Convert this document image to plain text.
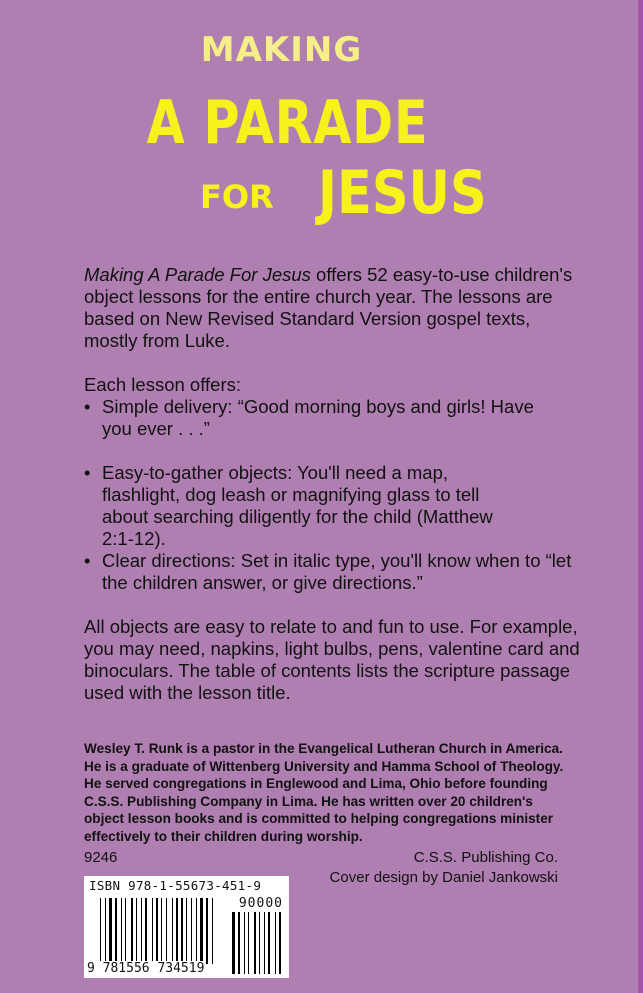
MAKING
A PARADE
FOR JESUS

Making A Parade For Jesus offers 52 easy-to-use children's object lessons for the entire church year. The lessons are based on New Revised Standard Version gospel texts, mostly from Luke.

Each lesson offers:
• Simple delivery: “Good morning boys and girls! Have you ever . . .”
• Easy-to-gather objects: You'll need a map, flashlight, dog leash or magnifying glass to tell about searching diligently for the child (Matthew 2:1-12).
• Clear directions: Set in italic type, you'll know when to “let the children answer, or give directions.”
All objects are easy to relate to and fun to use. For example, you may need, napkins, light bulbs, pens, valentine card and binoculars. The table of contents lists the scripture passage used with the lesson title.
Wesley T. Runk is a pastor in the Evangelical Lutheran Church in America. He is a graduate of Wittenberg University and Hamma School of Theology. He served congregations in Englewood and Lima, Ohio before founding C.S.S. Publishing Company in Lima. He has written over 20 children's object lesson books and is committed to helping congregations minister effectively to their children during worship.
9246	C.S.S. Publishing Co.
Cover design by Daniel Jankowski
ISBN 978-1-55673-451-9
90000
9 781556 734519
